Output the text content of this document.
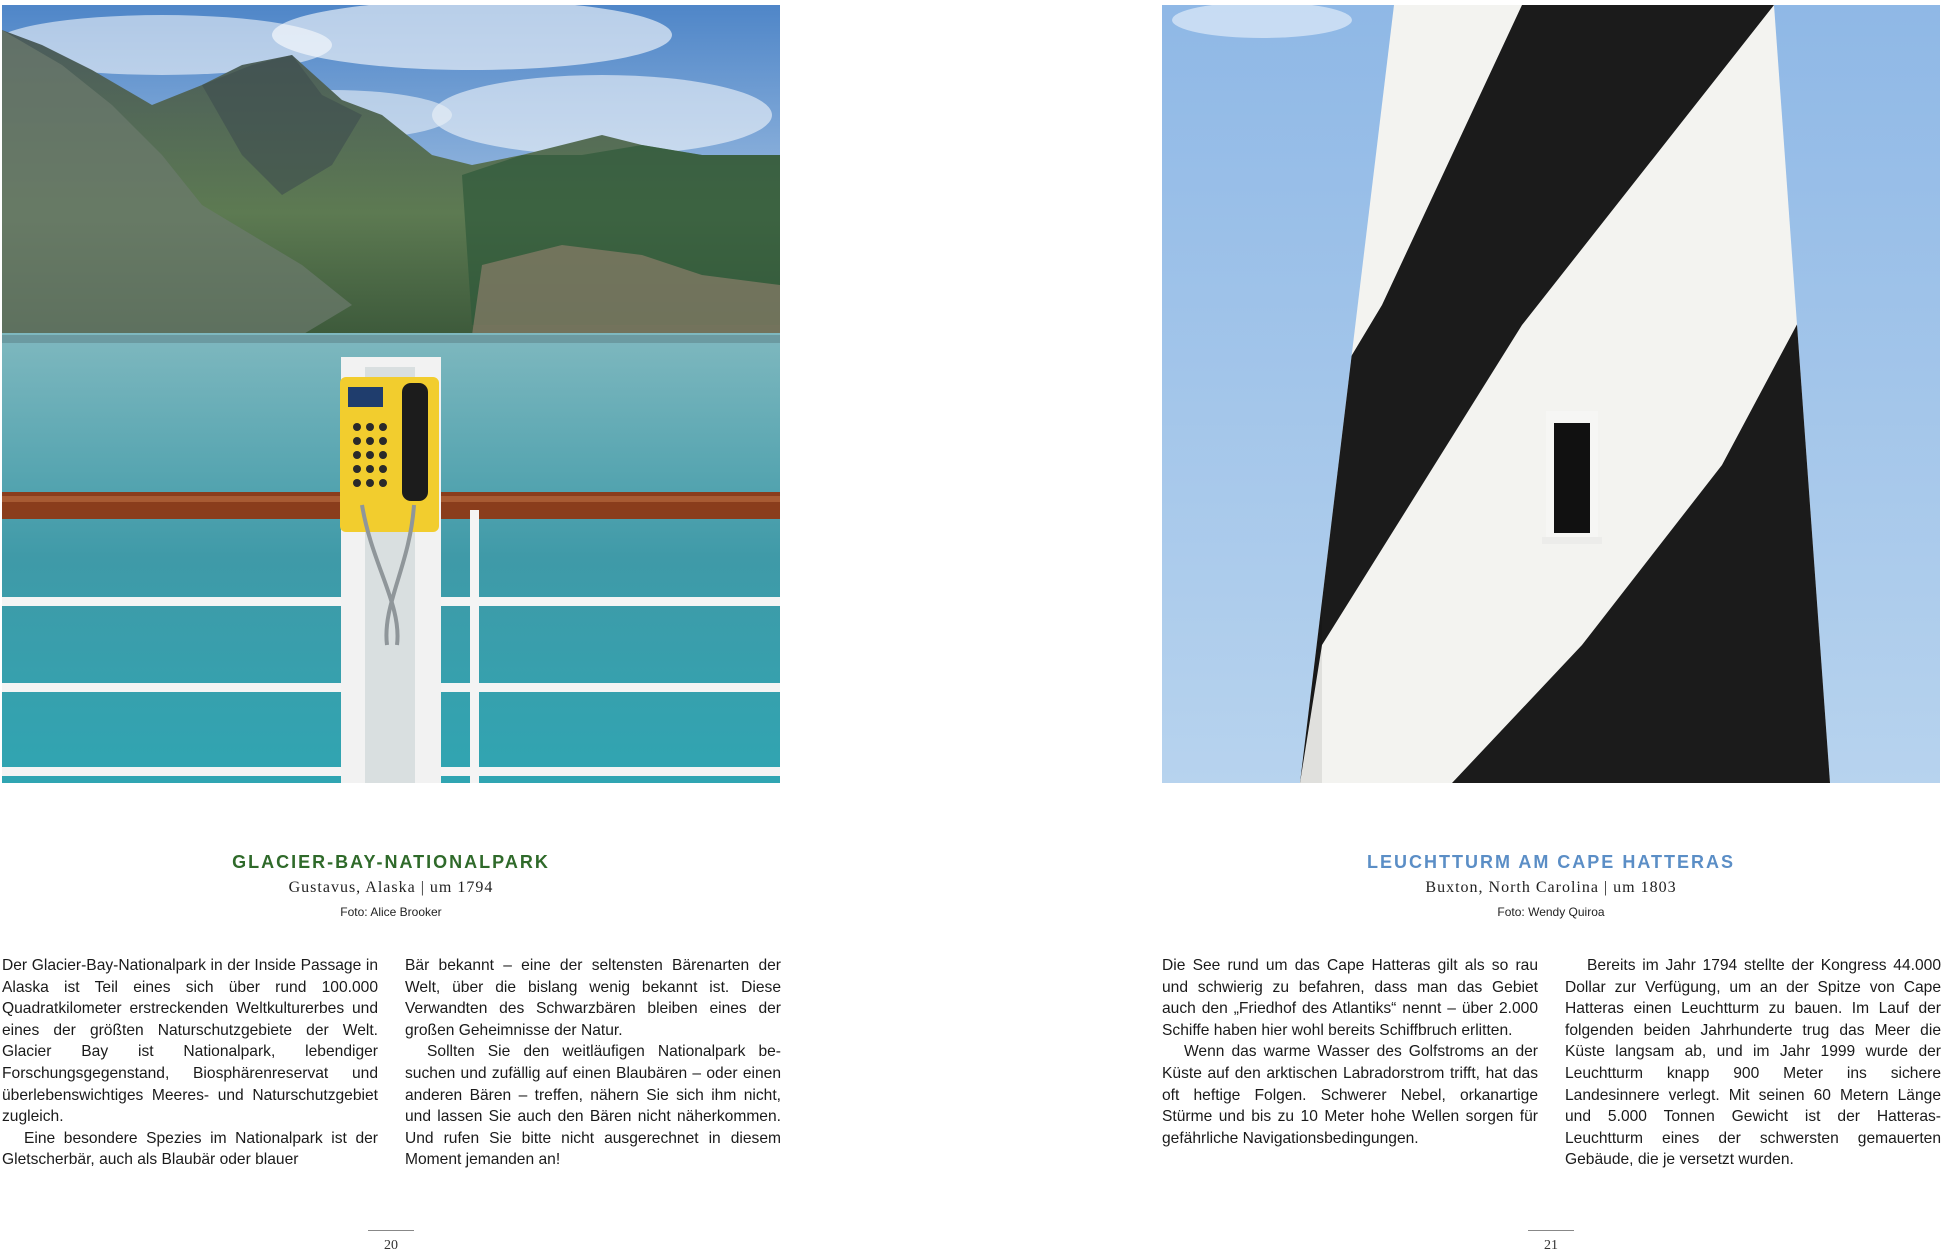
GLACIER-BAY-NATIONALPARK
Gustavus, Alaska | um 1794
Foto: Alice Brooker

Der Glacier-Bay-Nationalpark in der Inside Passage in Alaska ist Teil eines sich über rund 100.000 Quadratkilometer erstreckenden Weltkulturerbes und eines der größten Naturschutzgebiete der Welt. Glacier Bay ist Nationalpark, lebendiger Forschungsgegenstand, Biosphärenreservat und überlebenswichtiges Meeres- und Naturschutzgebiet zugleich.

Eine besondere Spezies im Nationalpark ist der Gletscherbär, auch als Blaubär oder blauer

Bär bekannt – eine der seltensten Bärenarten der Welt, über die bislang wenig bekannt ist. Diese Verwandten des Schwarzbären bleiben eines der großen Geheimnisse der Natur.

Sollten Sie den weitläufigen Nationalpark besuchen und zufällig auf einen Blaubären – oder einen anderen Bären – treffen, nähern Sie sich ihm nicht, und lassen Sie auch den Bären nicht näherkommen. Und rufen Sie bitte nicht ausgerechnet in diesem Moment jemanden an!

20
LEUCHTTURM AM CAPE HATTERAS
Buxton, North Carolina | um 1803
Foto: Wendy Quiroa

Die See rund um das Cape Hatteras gilt als so rau und schwierig zu befahren, dass man das Gebiet auch den „Friedhof des Atlantiks“ nennt – über 2.000 Schiffe haben hier wohl bereits Schiffbruch erlitten.

Wenn das warme Wasser des Golfstroms an der Küste auf den arktischen Labradorstrom trifft, hat das oft heftige Folgen. Schwerer Nebel, orkanartige Stürme und bis zu 10 Meter hohe Wellen sorgen für gefährliche Navigationsbedingungen.

Bereits im Jahr 1794 stellte der Kongress 44.000 Dollar zur Verfügung, um an der Spitze von Cape Hatteras einen Leuchtturm zu bauen. Im Lauf der folgenden beiden Jahrhunderte trug das Meer die Küste langsam ab, und im Jahr 1999 wurde der Leuchtturm knapp 900 Meter ins sichere Landesinnere verlegt. Mit seinen 60 Metern Länge und 5.000 Tonnen Gewicht ist der Hatteras-Leuchtturm eines der schwersten gemauerten Gebäude, die je versetzt wurden.

21
